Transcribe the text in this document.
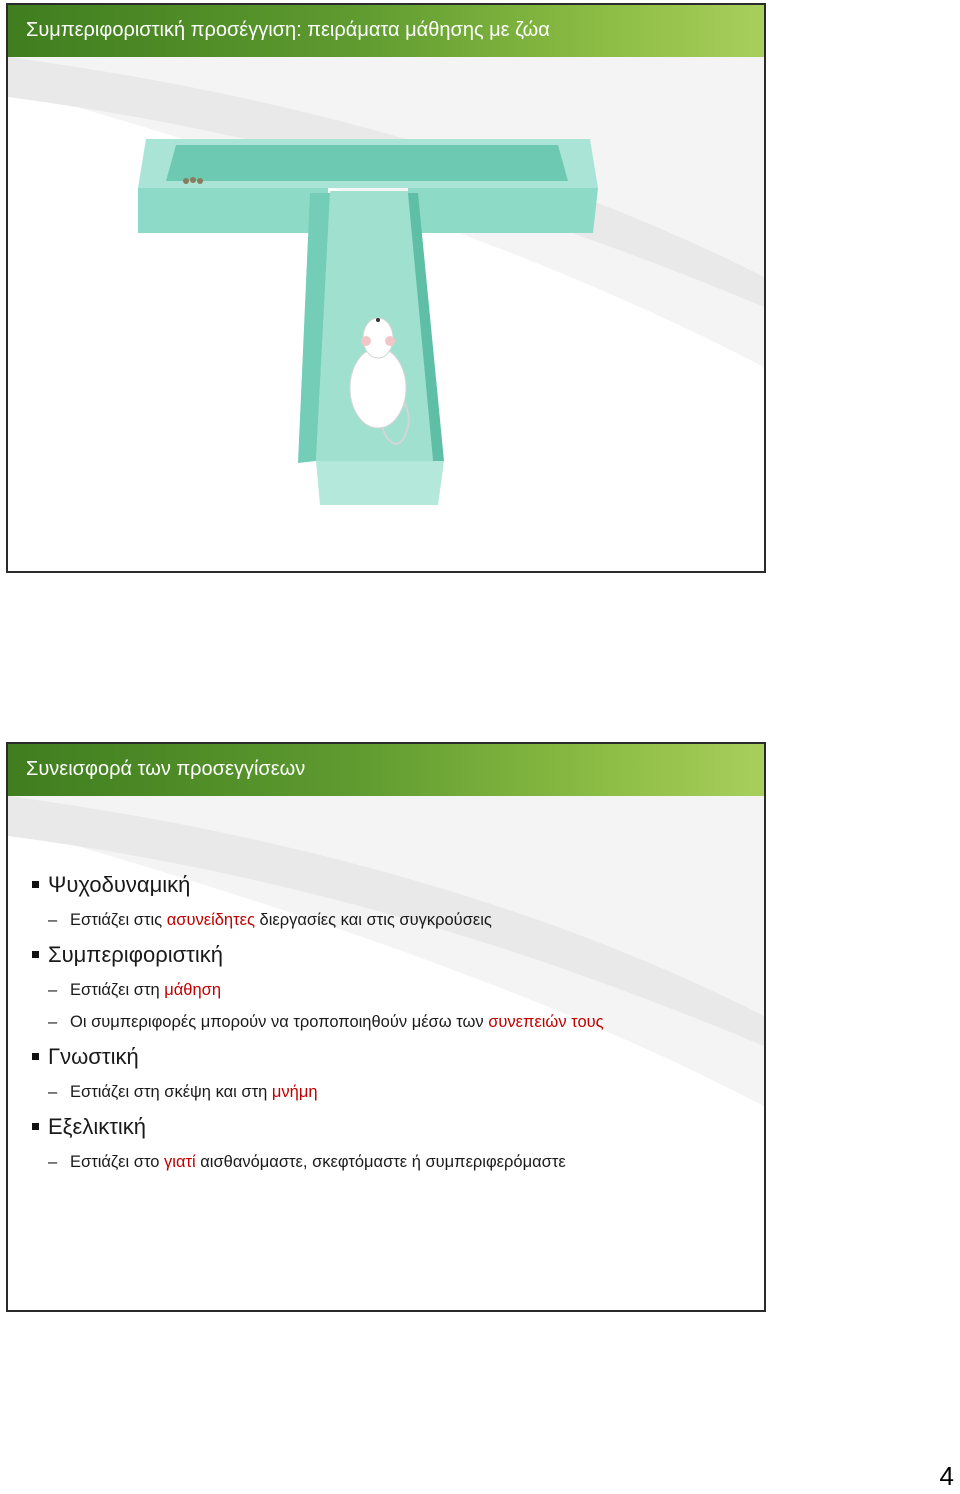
Συμπεριφοριστική προσέγγιση: πειράματα μάθησης με ζώα
Συνεισφορά των προσεγγίσεων
Ψυχοδυναμική
– Εστιάζει στις ασυνείδητες διεργασίες και στις συγκρούσεις
Συμπεριφοριστική
– Εστιάζει στη μάθηση
– Οι συμπεριφορές μπορούν να τροποποιηθούν μέσω των συνεπειών τους
Γνωστική
– Εστιάζει στη σκέψη και στη μνήμη
Εξελικτική
– Εστιάζει στο γιατί αισθανόμαστε, σκεφτόμαστε ή συμπεριφερόμαστε
4
